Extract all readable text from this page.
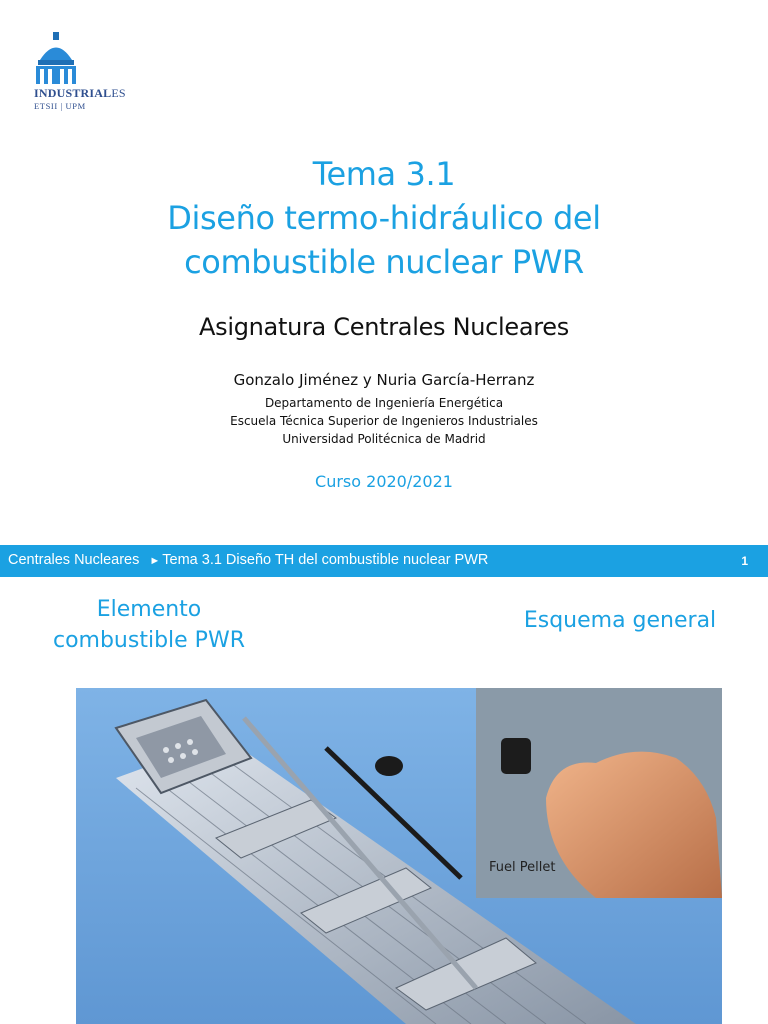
INDUSTRIALES
ETSII | UPM
Tema 3.1
Diseño termo-hidráulico del
combustible nuclear PWR
Asignatura Centrales Nucleares
Gonzalo Jiménez y Nuria García-Herranz
Departamento de Ingeniería Energética
Escuela Técnica Superior de Ingenieros Industriales
Universidad Politécnica de Madrid
Curso 2020/2021
Centrales Nucleares ► Tema 3.1 Diseño TH del combustible nuclear PWR	1
Elemento
combustible PWR
Esquema general
Fuel Pellet
